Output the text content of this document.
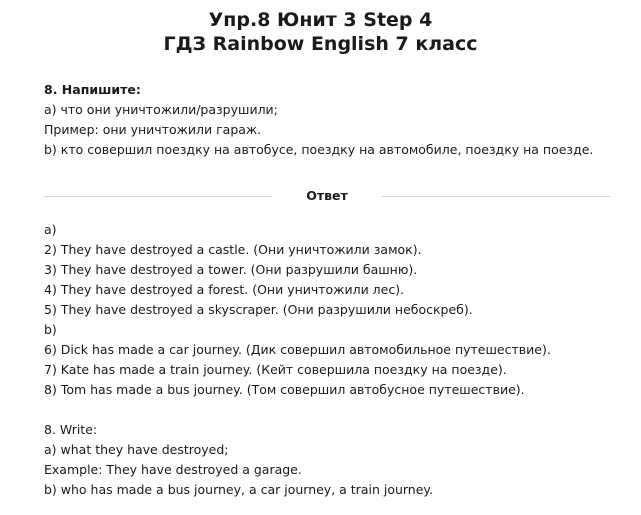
Упр.8 Юнит 3 Step 4
ГДЗ Rainbow English 7 класс
8. Напишите:
a) что они уничтожили/разрушили;
Пример: они уничтожили гараж.
b) кто совершил поездку на автобусе, поездку на автомобиле, поездку на поезде.
Ответ
a)
2) They have destroyed a castle. (Они уничтожили замок).
3) They have destroyed a tower. (Они разрушили башню).
4) They have destroyed a forest. (Они уничтожили лес).
5) They have destroyed a skyscraper. (Они разрушили небоскреб).
b)
6) Dick has made a car journey. (Дик совершил автомобильное путешествие).
7) Kate has made a train journey. (Кейт совершила поездку на поезде).
8) Tom has made a bus journey. (Том совершил автобусное путешествие).
8. Write:
a) what they have destroyed;
Example: They have destroyed a garage.
b) who has made a bus journey, a car journey, a train journey.
